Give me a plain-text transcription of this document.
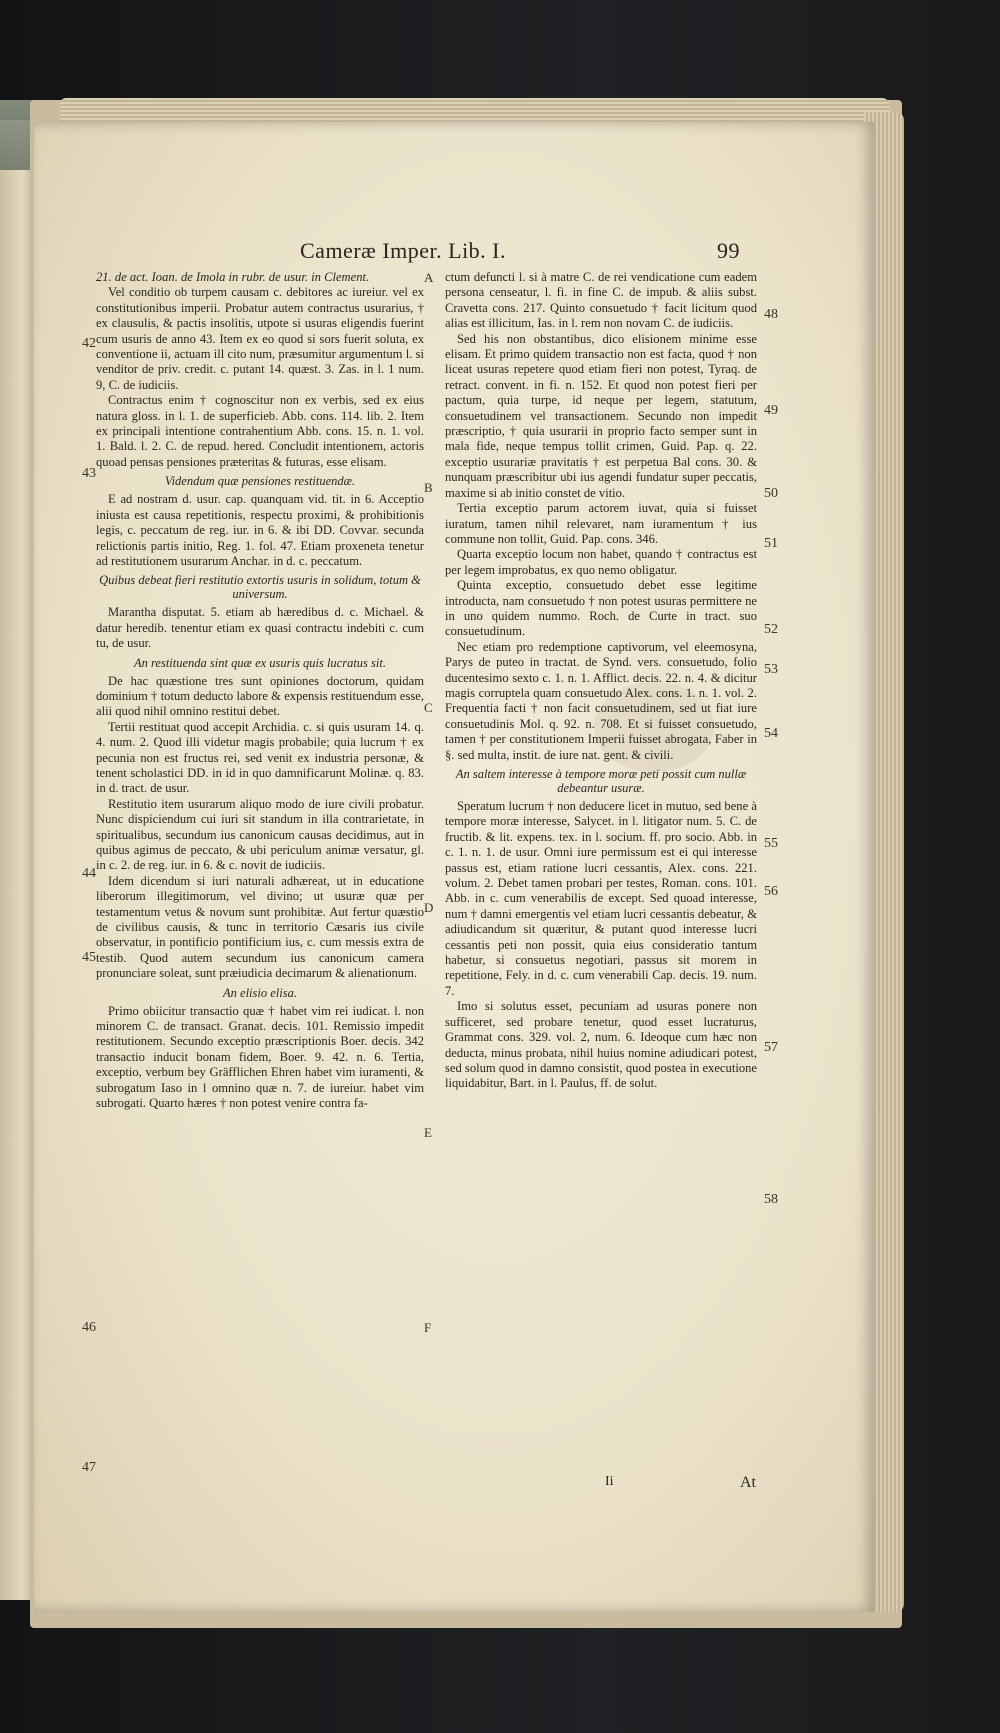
Cameræ Imper. Lib. I.	99

21. de act. Ioan. de Imola in rubr. de usur. in Clement.

Vel conditio ob turpem causam c. debitores ac iureiur. vel ex constitutionibus imperii. Probatur autem contractus usurarius, † ex clausulis, & pactis insolitis, utpote si usuras eligendis fuerint cum usuris de anno 43. Item ex eo quod si sors fuerit soluta, ex conventione ii, actuam ill cito num, præsumitur argumentum l. si venditor de priv. credit. c. putant 14. quæst. 3. Zas. in l. 1 num. 9, C. de iudiciis.

Contractus enim † cognoscitur non ex verbis, sed ex eius natura gloss. in l. 1. de superficieb. Abb. cons. 114. lib. 2. Item ex principali intentione contrahentium Abb. cons. 15. n. 1. vol. 1. Bald. l. 2. C. de repud. hered. Concludit intentionem, actoris quoad pensas pensiones præteritas & futuras, esse elisam.

Videndum quæ pensiones restituendæ.

E ad nostram d. usur. cap. quanquam vid. tit. in 6. Acceptio iniusta est causa repetitionis, respectu proximi, & prohibitionis legis, c. peccatum de reg. iur. in 6. & ibi DD. Covvar. secunda relictionis partis initio, Reg. 1. fol. 47. Etiam proxeneta tenetur ad restitutionem usurarum Anchar. in d. c. peccatum.

Quibus debeat fieri restitutio extortis usuris in solidum, totum & universum.

Marantha disputat. 5. etiam ab hæredibus d. c. Michael. & datur heredib. tenentur etiam ex quasi contractu indebiti c. cum tu, de usur.

An restituenda sint quæ ex usuris quis lucratus sit.

De hac quæstione tres sunt opiniones doctorum, quidam dominium † totum deducto labore & expensis restituendum esse, alii quod nihil omnino restitui debet.

Tertii restituat quod accepit Archidia. c. si quis usuram 14. q. 4. num. 2. Quod illi videtur magis probabile; quia lucrum † ex pecunia non est fructus rei, sed venit ex industria personæ, & tenent scholastici DD. in id in quo damnificarunt Molinæ. q. 83. in d. tract. de usur.

Restitutio item usurarum aliquo modo de iure civili probatur. Nunc dispiciendum cui iuri sit standum in illa contrarietate, in spiritualibus, secundum ius canonicum causas decidimus, aut in quibus agimus de peccato, & ubi periculum animæ versatur, gl. in c. 2. de reg. iur. in 6. & c. novit de iudiciis.

Idem dicendum si iuri naturali adhæreat, ut in educatione liberorum illegitimorum, vel divino; ut usuræ quæ per testamentum vetus & novum sunt prohibitæ. Aut fertur quæstio de civilibus causis, & tunc in territorio Cæsaris ius civile observatur, in pontificio pontificium ius, c. cum messis extra de testib. Quod autem secundum ius canonicum camera pronunciare soleat, sunt præiudicia decimarum & alienationum.

An elisio elisa.

Primo obiicitur transactio quæ † habet vim rei iudicat. l. non minorem C. de transact. Granat. decis. 101. Remissio impedit restitutionem. Secundo exceptio præscriptionis Boer. decis. 342 transactio inducit bonam fidem, Boer. 9. 42. n. 6. Tertia, exceptio, verbum bey Gräfflichen Ehren habet vim iuramenti, & subrogatum Iaso in l omnino quæ n. 7. de iureiur. habet vim subrogati. Quarto hæres † non potest venire contra fa-

ctum defuncti l. si à matre C. de rei vendicatione cum eadem persona censeatur, l. fi. in fine C. de impub. & aliis subst. Cravetta cons. 217. Quinto consuetudo † facit licitum quod alias est illicitum, Ias. in l. rem non novam C. de iudiciis.

Sed his non obstantibus, dico elisionem minime esse elisam. Et primo quidem transactio non est facta, quod † non liceat usuras repetere quod etiam fieri non potest, Tyraq. de retract. convent. in fi. n. 152. Et quod non potest fieri per pactum, quia turpe, id neque per legem, statutum, consuetudinem vel transactionem. Secundo non impedit præscriptio, † quia usurarii in proprio facto semper sunt in mala fide, neque tempus tollit crimen, Guid. Pap. q. 22. exceptio usurariæ pravitatis † est perpetua Bal cons. 30. & nunquam præscribitur ubi ius agendi fundatur super peccatis, maxime si ab initio constet de vitio.

Tertia exceptio parum actorem iuvat, quia si fuisset iuratum, tamen nihil relevaret, nam iuramentum † ius commune non tollit, Guid. Pap. cons. 346.

Quarta exceptio locum non habet, quando † contractus est per legem improbatus, ex quo nemo obligatur.

Quinta exceptio, consuetudo debet esse legitime introducta, nam consuetudo † non potest usuras permittere ne in uno quidem nummo. Roch. de Curte in tract. suo consuetudinum.

Nec etiam pro redemptione captivorum, vel eleemosyna, Parys de puteo in tractat. de Synd. vers. consuetudo, folio ducentesimo sexto c. 1. n. 1. Afflict. decis. 22. n. 4. & dicitur magis corruptela quam consuetudo Alex. cons. 1. n. 1. vol. 2. Frequentia facti † non facit consuetudinem, sed ut fiat iure consuetudinis Mol. q. 92. n. 708. Et si fuisset consuetudo, tamen † per constitutionem Imperii fuisset abrogata, Faber in §. sed multa, instit. de iure nat. gent. & civili.

An saltem interesse à tempore moræ peti possit cum nullæ debeantur usuræ.

Speratum lucrum † non deducere licet in mutuo, sed bene à tempore moræ interesse, Salycet. in l. litigator num. 5. C. de fructib. & lit. expens. tex. in l. socium. ff. pro socio. Abb. in c. 1. n. 1. de usur. Omni iure permissum est ei qui interesse passus est, etiam ratione lucri cessantis, Alex. cons. 221. volum. 2. Debet tamen probari per testes, Roman. cons. 101. Abb. in c. cum venerabilis de except. Sed quoad interesse, num † damni emergentis vel etiam lucri cessantis debeatur, & adiudicandum sit quæritur, & putant quod interesse lucri cessantis peti non possit, quia eius consideratio tantum habetur, si consuetus negotiari, passus sit morem in repetitione, Fely. in d. c. cum venerabili Cap. decis. 19. num. 7.

Imo si solutus esset, pecuniam ad usuras ponere non sufficeret, sed probare tenetur, quod esset lucraturus, Grammat cons. 329. vol. 2, num. 6. Ideoque cum hæc non deducta, minus probata, nihil huius nomine adiudicari potest, sed solum quod in damno consistit, quod postea in executione liquidabitur, Bart. in l. Paulus, ff. de solut.

42
43
44
45
46
47
48
49
50
51
52
53
54
55
56
57
58
A
B
C
D
E
F
Ii	At
